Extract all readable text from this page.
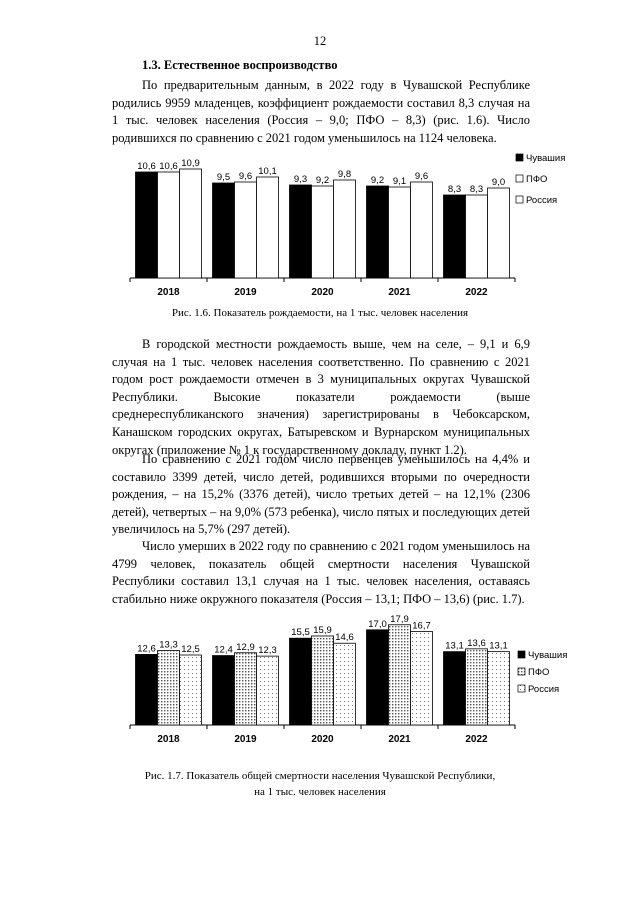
12
1.3. Естественное воспроизводство
По предварительным данным, в 2022 году в Чувашской Республике родились 9959 младенцев, коэффициент рождаемости составил 8,3 случая на 1 тыс. человек населения (Россия – 9,0; ПФО – 8,3) (рис. 1.6). Число родившихся по сравнению с 2021 годом уменьшилось на 1124 человека.
10,6 10,6 10,9
2018
9,5 9,6 10,1
2019
9,3 9,2
9,8
2020
9,2 9,1 9,6
2021
8,3 8,3
9,0
2022
Чувашия
ПФО
Россия
Рис. 1.6. Показатель рождаемости, на 1 тыс. человек населения
В городской местности рождаемость выше, чем на селе, – 9,1 и 6,9 случая на 1 тыс. человек населения соответственно. По сравнению с 2021 годом рост рождаемости отмечен в 3 муниципальных округах Чувашской Республики. Высокие показатели рождаемости (выше среднереспубликанского значения) зарегистрированы в Чебоксарском, Канашском городских округах, Батыревском и Вурнарском муниципальных округах (приложение № 1 к государственному докладу, пункт 1.2).
По сравнению с 2021 годом число первенцев уменьшилось на 4,4% и составило 3399 детей, число детей, родившихся вторыми по очередности рождения, – на 15,2% (3376 детей), число третьих детей – на 12,1% (2306 детей), четвертых – на 9,0% (573 ребенка), число пятых и последующих детей увеличилось на 5,7% (297 детей).
Число умерших в 2022 году по сравнению с 2021 годом уменьшилось на 4799 человек, показатель общей смертности населения Чувашской Республики составил 13,1 случая на 1 тыс. человек населения, оставаясь стабильно ниже окружного показателя (Россия – 13,1; ПФО – 13,6) (рис. 1.7).
12,6 13,3 12,5
2018
12,4 12,9 12,3
2019
15,5 15,9
14,6
2020
17,0 17,9
16,7
2021
13,1 13,6 13,1
2022
Чувашия
ПФО
Россия
Рис. 1.7. Показатель общей смертности населения Чувашской Республики,
на 1 тыс. человек населения
